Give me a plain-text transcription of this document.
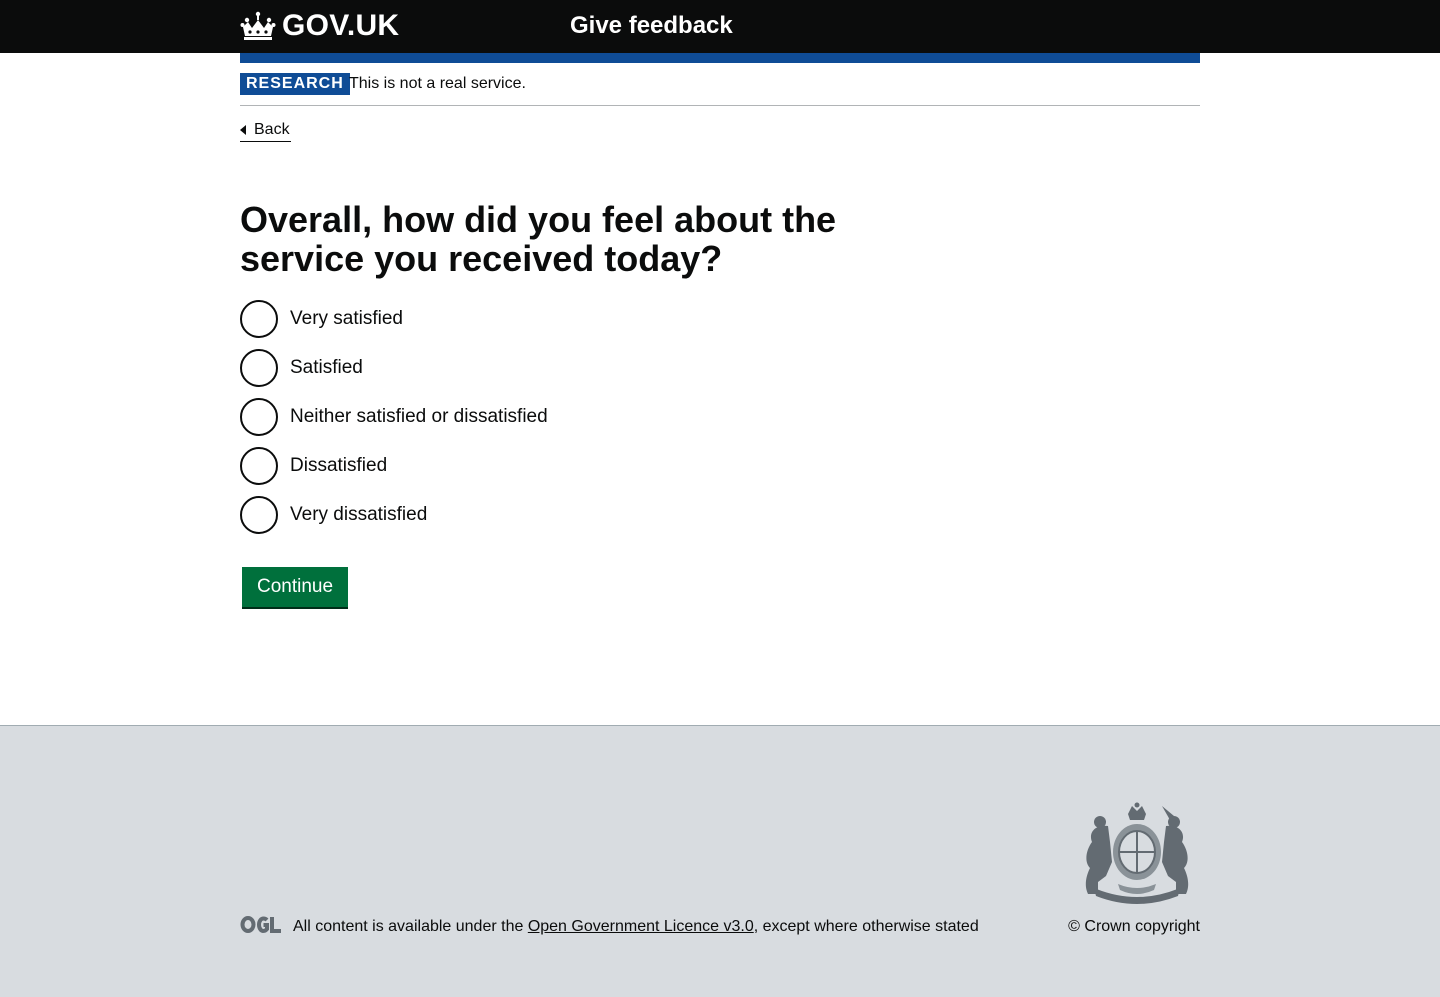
GOV.UK	Give feedback
RESEARCH This is not a real service.
Back
Overall, how did you feel about the service you received today?
Very satisfied
Satisfied
Neither satisfied or dissatisfied
Dissatisfied
Very dissatisfied
Continue

All content is available under the Open Government Licence v3.0, except where otherwise stated	© Crown copyright
